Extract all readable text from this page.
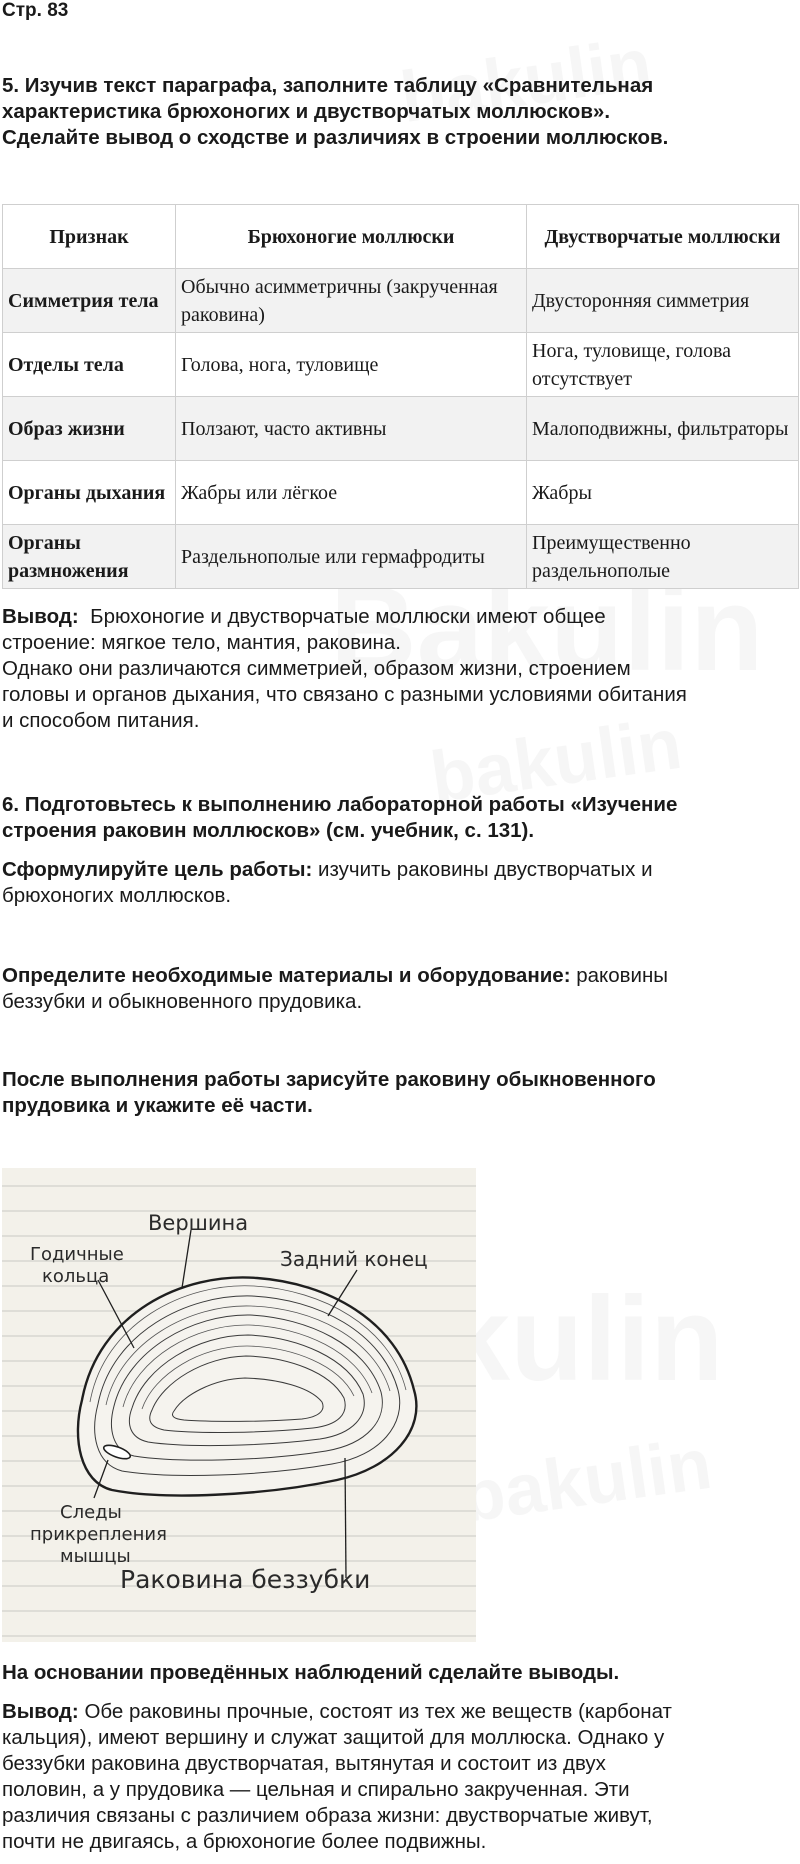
Стр. 83
5. Изучив текст параграфа, заполните таблицу «Сравнительная
характеристика брюхоногих и двустворчатых моллюсков».
Сделайте вывод о сходстве и различиях в строении моллюсков.
Признак	Брюхоногие моллюски	Двустворчатые моллюски
Симметрия тела	Обычно асимметричны (закрученная раковина)	Двусторонняя симметрия
Отделы тела	Голова, нога, туловище	Нога, туловище, голова отсутствует
Образ жизни	Ползают, часто активны	Малоподвижны, фильтраторы
Органы дыхания	Жабры или лёгкое	Жабры
Органы размножения	Раздельнополые или гермафродиты	Преимущественно раздельнополые
Вывод: Брюхоногие и двустворчатые моллюски имеют общее
строение: мягкое тело, мантия, раковина.
Однако они различаются симметрией, образом жизни, строением
головы и органов дыхания, что связано с разными условиями обитания
и способом питания.
6. Подготовьтесь к выполнению лабораторной работы «Изучение
строения раковин моллюсков» (см. учебник, с. 131).
Сформулируйте цель работы: изучить раковины двустворчатых и
брюхоногих моллюсков.
Определите необходимые материалы и оборудование: раковины
беззубки и обыкновенного прудовика.
После выполнения работы зарисуйте раковину обыкновенного
прудовика и укажите её части.
Вершина
Годичные
кольца
Задний конец
Следы
прикрепления
мышцы
Раковина беззубки
На основании проведённых наблюдений сделайте выводы.
Вывод: Обе раковины прочные, состоят из тех же веществ (карбонат
кальция), имеют вершину и служат защитой для моллюска. Однако у
беззубки раковина двустворчатая, вытянутая и состоит из двух
половин, а у прудовика — цельная и спирально закрученная. Эти
различия связаны с различием образа жизни: двустворчатые живут,
почти не двигаясь, а брюхоногие более подвижны.
